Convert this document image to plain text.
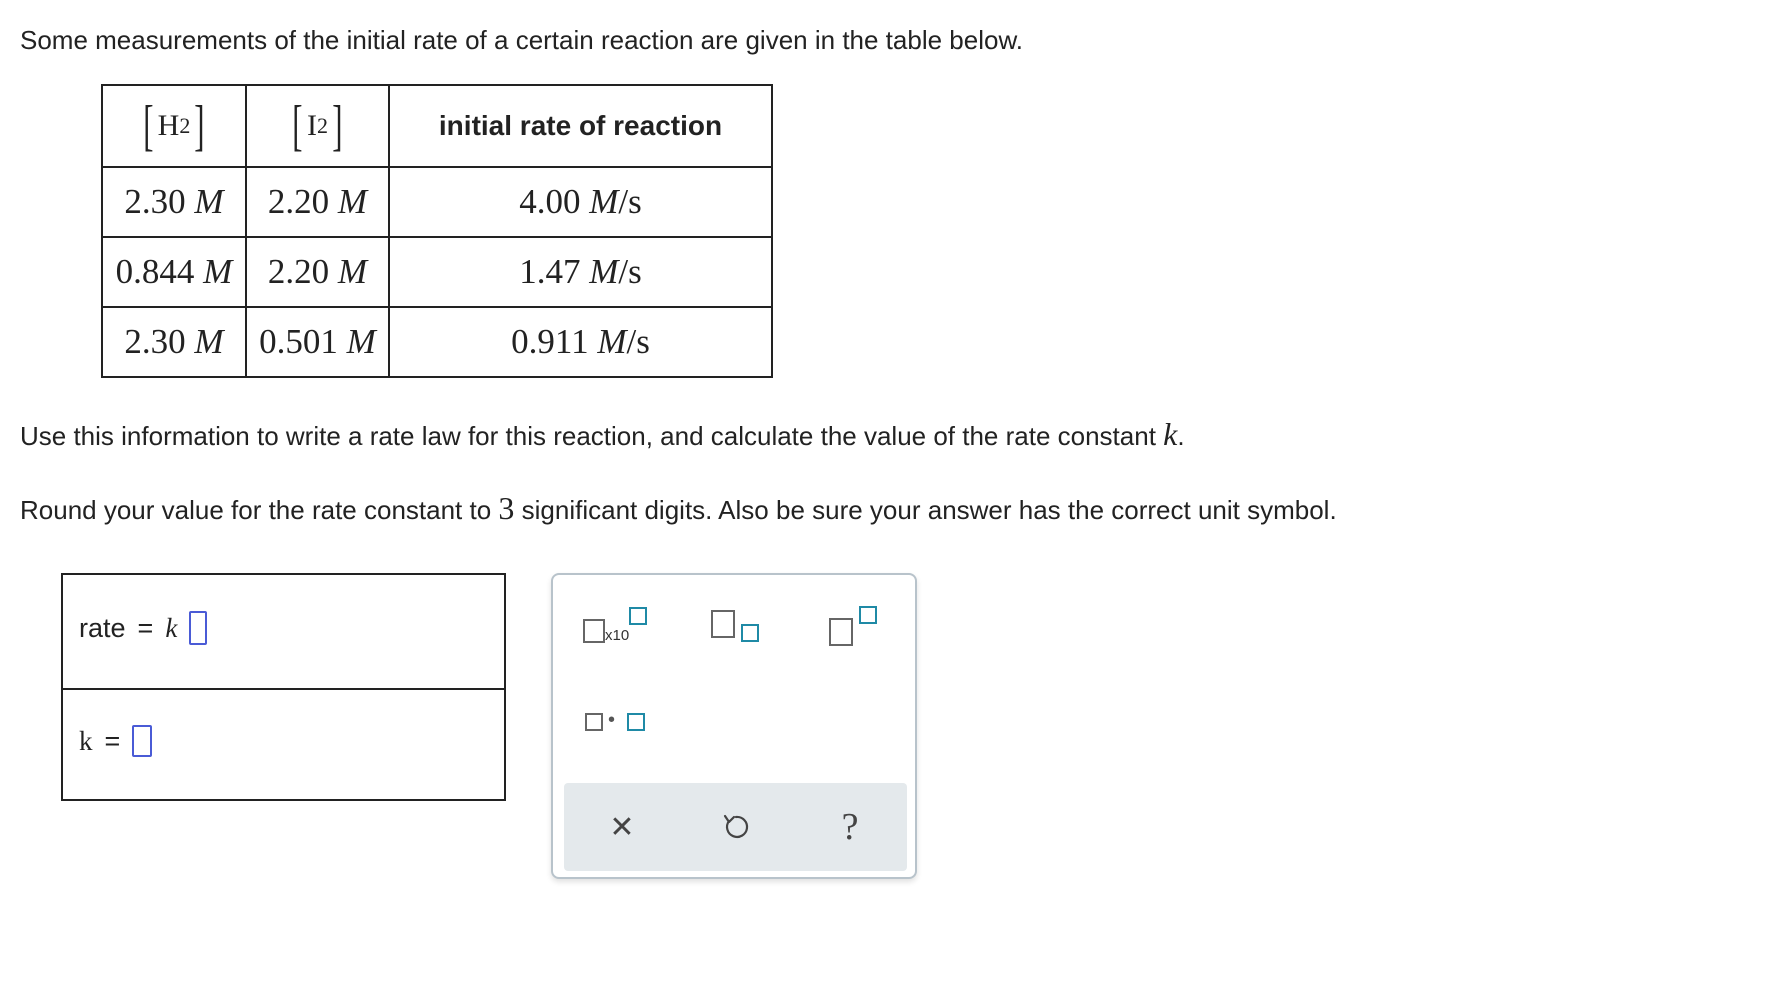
Some measurements of the initial rate of a certain reaction are given in the table below.
[ H 2 ]	[ I 2 ]	initial rate of reaction
2.30 M	2.20 M	4.00 M/s
0.844 M	2.20 M	1.47 M/s
2.30 M	0.501 M	0.911 M/s
Use this information to write a rate law for this reaction, and calculate the value of the rate constant k.
Round your value for the rate constant to 3 significant digits. Also be sure your answer has the correct unit symbol.
rate = k
k =
x10
•
✕	?
